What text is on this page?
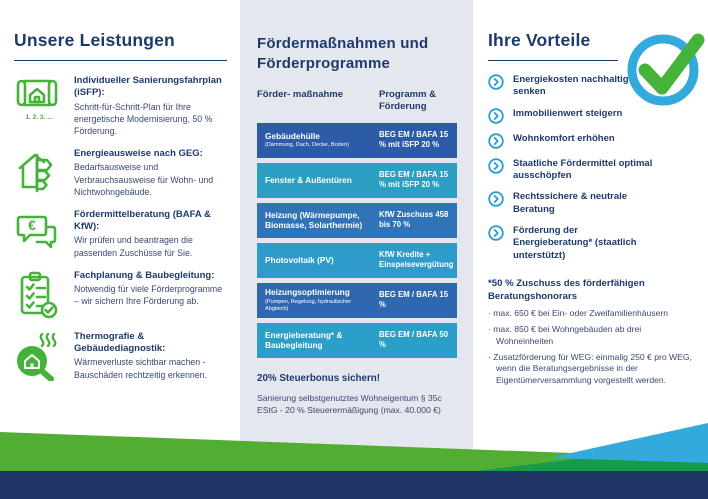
Unsere Leistungen
1. 2. 3. ...
Individueller Sanierungsfahrplan (iSFP):
Schritt-für-Schritt-Plan für Ihre energetische Modernisierung, 50 % Förderung.
Energieausweise nach GEG:
Bedarfsausweise und Verbrauchsausweise für Wohn- und Nichtwohngebäude.
€
Fördermittelberatung (BAFA & KfW):
Wir prüfen und beantragen die passenden Zuschüsse für Sie.
Fachplanung & Baubegleitung:
Notwendig für viele Förderprogramme – wir sichern Ihre Förderung ab.
Thermografie & Gebäudediagnostik:
Wärmeverluste sichtbar machen - Bauschäden rechtzeitig erkennen.
Fördermaßnahmen und Förderprogramme
Förder- maßnahme	Programm & Förderung
Gebäudehülle
(Dämmung, Dach, Decke, Boden)
BEG EM / BAFA 15 % mit iSFP 20 %
Fenster & Außentüren
BEG EM / BAFA 15 % mit iSFP 20 %
Heizung (Wärmepumpe, Biomasse, Solarthermie)
KfW Zuschuss 458 bis 70 %
Photovoltaik (PV)
KfW Kredite + Einspeisevergütung
Heizungsoptimierung
(Pumpen, Regelung, hydraulischer Abgleich)
BEG EM / BAFA 15 %
Energieberatung* & Baubegleitung
BEG EM / BAFA 50 %
20% Steuerbonus sichern!
Sanierung selbstgenutztes Wohneigentum § 35c EStG - 20 % Steuerermäßigung (max. 40.000 €)
Ihre Vorteile
Energiekosten nachhaltig senken
Immobilienwert steigern
Wohnkomfort erhöhen
Staatliche Fördermittel optimal ausschöpfen
Rechtssichere & neutrale Beratung
Förderung der Energieberatung* (staatlich unterstützt)
*50 % Zuschuss des förderfähigen Beratungshonorars
· max. 650 € bei Ein- oder Zweifamilienhäusern
· max. 850 € bei Wohngebäuden ab drei Wohneinheiten
· Zusatzförderung für WEG: einmalig 250 € pro WEG, wenn die Beratungsergebnisse in der Eigentümerversammlung vorgestellt werden.
